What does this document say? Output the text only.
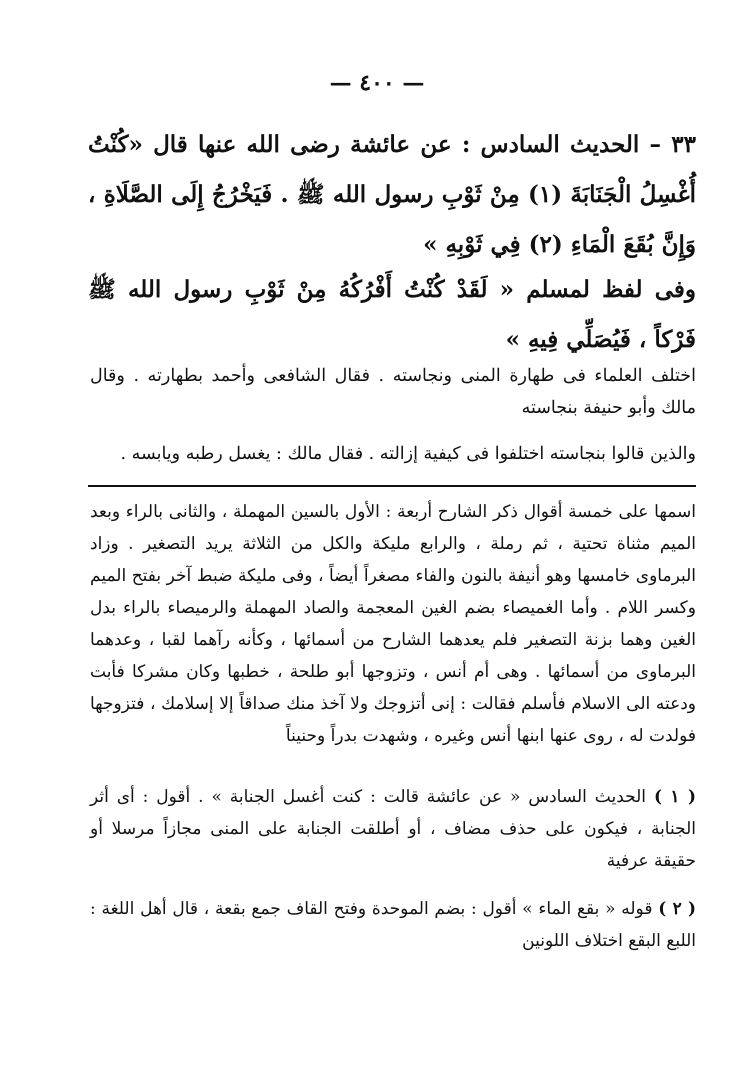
— ٤٠٠ —
٣٣ – الحديث السادس : عن عائشة رضى الله عنها قال «كُنْتُ أُغْسِلُ الْجَنَابَةَ (١) مِنْ ثَوْبِ رسول الله ﷺ . فَيَخْرُجُ إِلَى الصَّلَاةِ ، وَإِنَّ بُقَعَ الْمَاءِ (٢) فِي ثَوْبِهِ »
وفى لفظ لمسلم « لَقَدْ كُنْتُ أَفْرُكُهُ مِنْ ثَوْبِ رسول الله ﷺ فَرْكاً ، فَيُصَلِّي فِيهِ »
اختلف العلماء فى طهارة المنى ونجاسته . فقال الشافعى وأحمد بطهارته . وقال مالك وأبو حنيفة بنجاسته
والذين قالوا بنجاسته اختلفوا فى كيفية إزالته . فقال مالك : يغسل رطبه ويابسه .
اسمها على خمسة أقوال ذكر الشارح أربعة : الأول بالسين المهملة ، والثانى بالراء وبعد الميم مثناة تحتية ، ثم رملة ، والرابع مليكة والكل من الثلاثة يريد التصغير . وزاد البرماوى خامسها وهو أنيفة بالنون والفاء مصغراً أيضاً ، وفى مليكة ضبط آخر بفتح الميم وكسر اللام . وأما الغميصاء بضم الغين المعجمة والصاد المهملة والرميصاء بالراء بدل الغين وهما بزنة التصغير فلم يعدهما الشارح من أسمائها ، وكأنه رآهما لقبا ، وعدهما البرماوى من أسمائها . وهى أم أنس ، وتزوجها أبو طلحة ، خطبها وكان مشركا فأبت ودعته الى الاسلام فأسلم فقالت : إنى أتزوجك ولا آخذ منك صداقاً إلا إسلامك ، فتزوجها فولدت له ، روى عنها ابنها أنس وغيره ، وشهدت بدراً وحنيناً
( ١ ) الحديث السادس « عن عائشة قالت : كنت أغسل الجنابة » . أقول : أى أثر الجنابة ، فيكون على حذف مضاف ، أو أطلقت الجنابة على المنى مجازاً مرسلا أو حقيقة عرفية
( ٢ ) قوله « بقع الماء » أقول : بضم الموحدة وفتح القاف جمع بقعة ، قال أهل اللغة : اللبع البقع اختلاف اللونين
